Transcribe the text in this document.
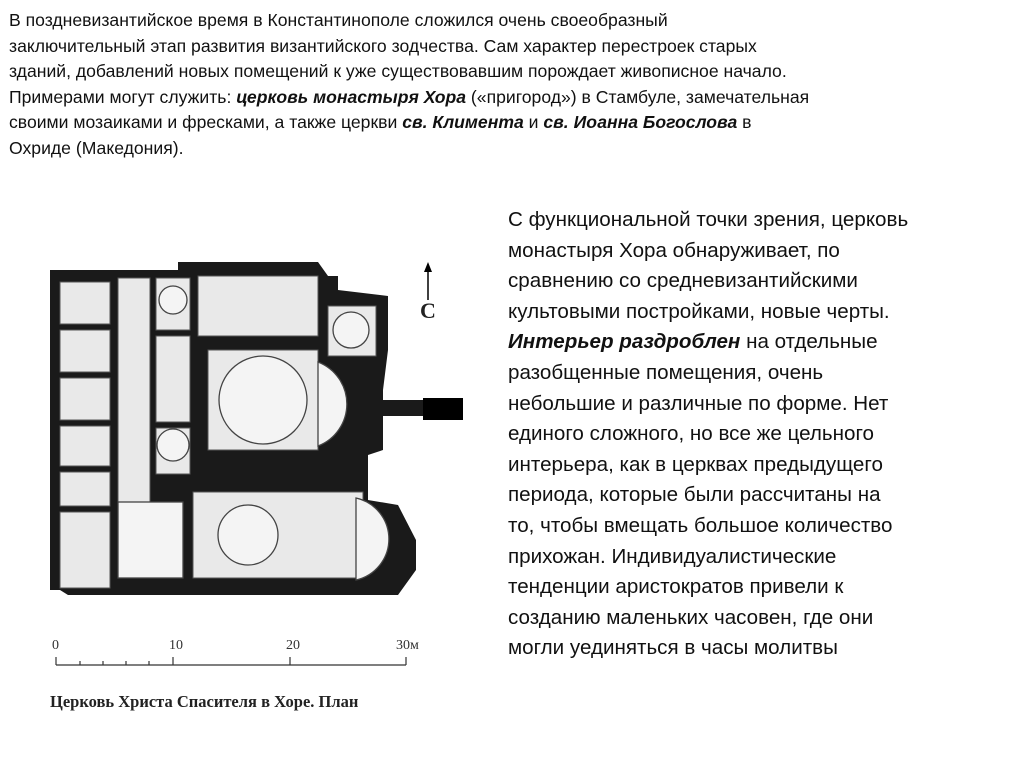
В поздневизантийское время в Константинополе сложился очень своеобразный
заключительный этап развития византийского зодчества. Сам характер перестроек старых
зданий, добавлений новых помещений к уже существовавшим порождает живописное начало.
Примерами могут служить: церковь монастыря Хора («пригород») в Стамбуле, замечательная
своими мозаиками и фресками, а также церкви св. Климента и св. Иоанна Богослова в
Охриде (Македония).
С
0	10	20	30м
Церковь Христа Спасителя в Хоре. План
С функциональной точки зрения, церковь
монастыря Хора обнаруживает, по
сравнению со средневизантийскими
культовыми постройками, новые черты.
Интерьер раздроблен на отдельные
разобщенные помещения, очень
небольшие и различные по форме. Нет
единого сложного, но все же цельного
интерьера, как в церквах предыдущего
периода, которые были рассчитаны на
то, чтобы вмещать большое количество
прихожан. Индивидуалистические
тенденции аристократов привели к
созданию маленьких часовен, где они
могли уединяться в часы молитвы
